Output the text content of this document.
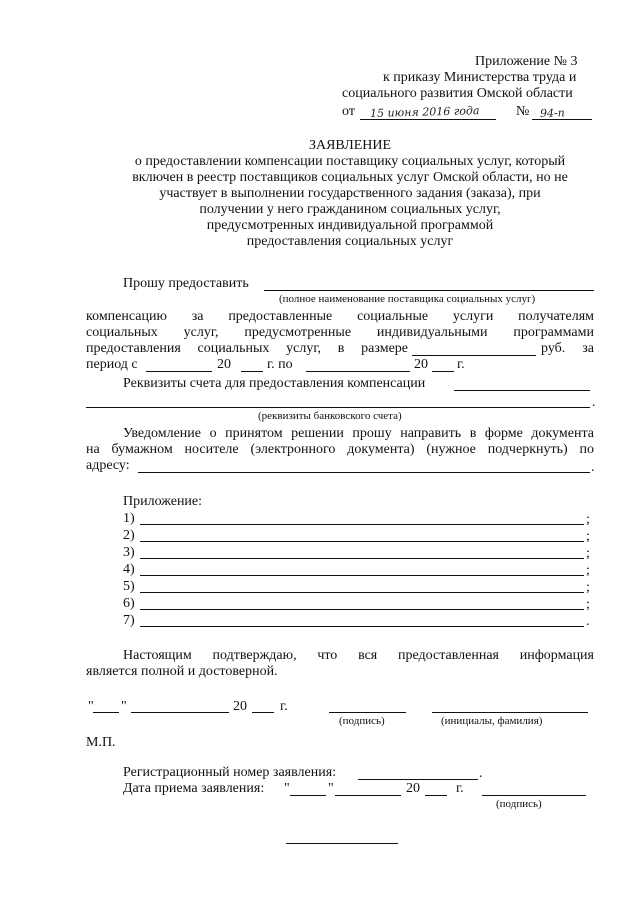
Приложение № 3
к приказу Министерства труда и
социального развития Омской области
от 15 июня 2016 года	№ 94-п
ЗАЯВЛЕНИЕ
о предоставлении компенсации поставщику социальных услуг, который
включен в реестр поставщиков социальных услуг Омской области, но не
участвует в выполнении государственного задания (заказа), при
получении у него гражданином социальных услуг,
предусмотренных индивидуальной программой
предоставления социальных услуг
Прошу предоставить
(полное наименование поставщика социальных услуг)
компенсацию за предоставленные социальные услуги получателям
социальных услуг, предусмотренные индивидуальными программами
предоставления социальных услуг, в размере	руб. за
период с	20	г. по	20 г.
Реквизиты счета для предоставления компенсации
.
(реквизиты банковского счета)
Уведомление о принятом решении прошу направить в форме документа
на бумажном носителе (электронного документа) (нужное подчеркнуть) по
адресу:	.
Приложение:
1)	;
2)	;
3)	;
4)	;
5)	;
6)	;
7)	.
Настоящим подтверждаю, что вся предоставленная информация
является полной и достоверной.
" "	20 г.
(подпись)	(инициалы, фамилия)
М.П.
Регистрационный номер заявления:	.
Дата приема заявления: "	"	20	г.
(подпись)
